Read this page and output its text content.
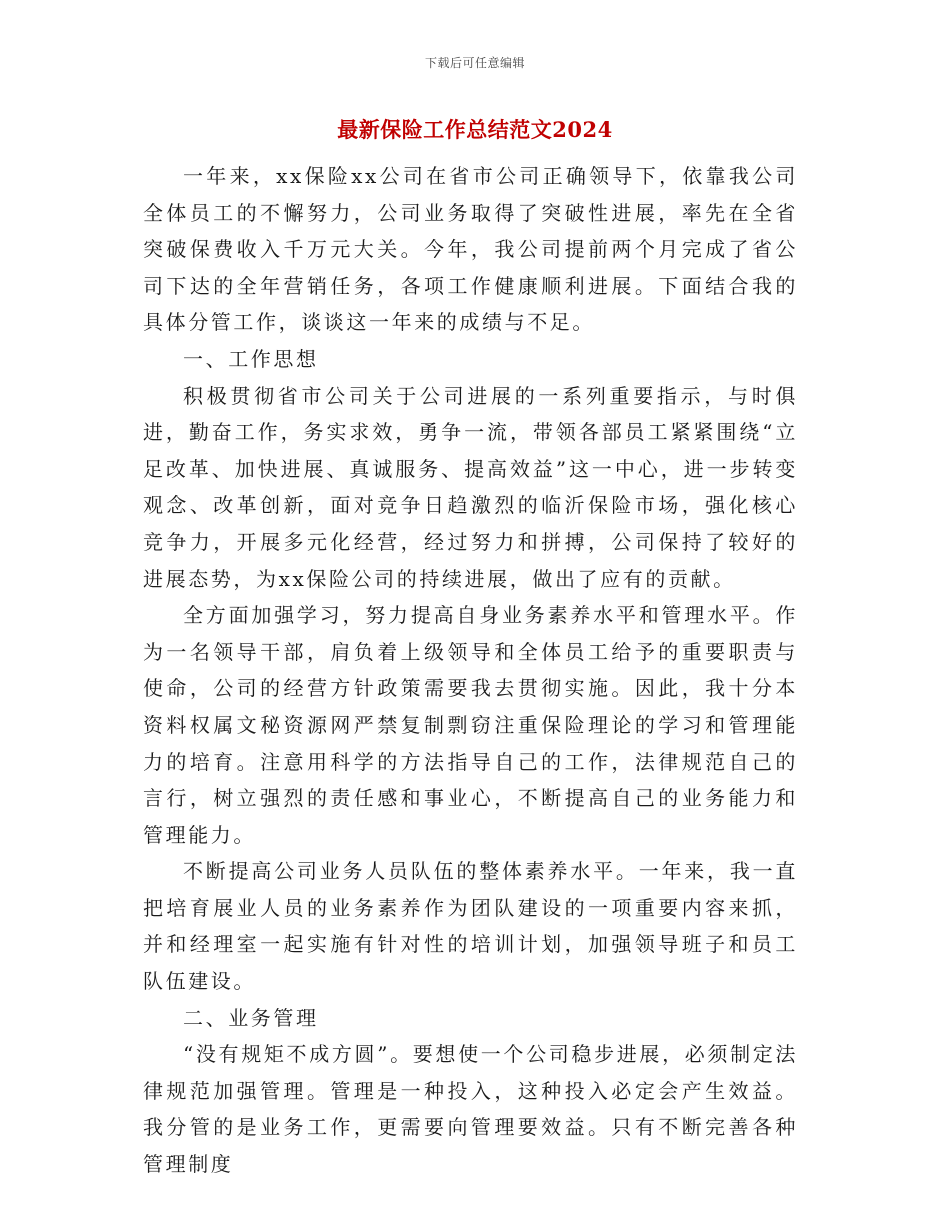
下载后可任意编辑
最新保险工作总结范文2024

一年来，xx保险xx公司在省市公司正确领导下，依靠我公司全体员工的不懈努力，公司业务取得了突破性进展，率先在全省突破保费收入千万元大关。今年，我公司提前两个月完成了省公司下达的全年营销任务，各项工作健康顺利进展。下面结合我的具体分管工作，谈谈这一年来的成绩与不足。

一、工作思想

积极贯彻省市公司关于公司进展的一系列重要指示，与时俱进，勤奋工作，务实求效，勇争一流，带领各部员工紧紧围绕“立足改革、加快进展、真诚服务、提高效益”这一中心，进一步转变观念、改革创新，面对竞争日趋激烈的临沂保险市场，强化核心竞争力，开展多元化经营，经过努力和拼搏，公司保持了较好的进展态势，为xx保险公司的持续进展，做出了应有的贡献。

全方面加强学习，努力提高自身业务素养水平和管理水平。作为一名领导干部，肩负着上级领导和全体员工给予的重要职责与使命，公司的经营方针政策需要我去贯彻实施。因此，我十分本资料权属文秘资源网严禁复制剽窃注重保险理论的学习和管理能力的培育。注意用科学的方法指导自己的工作，法律规范自己的言行，树立强烈的责任感和事业心，不断提高自己的业务能力和管理能力。

不断提高公司业务人员队伍的整体素养水平。一年来，我一直把培育展业人员的业务素养作为团队建设的一项重要内容来抓，并和经理室一起实施有针对性的培训计划，加强领导班子和员工队伍建设。

二、业务管理

“没有规矩不成方圆”。要想使一个公司稳步进展，必须制定法律规范加强管理。管理是一种投入，这种投入必定会产生效益。我分管的是业务工作，更需要向管理要效益。只有不断完善各种管理制度
